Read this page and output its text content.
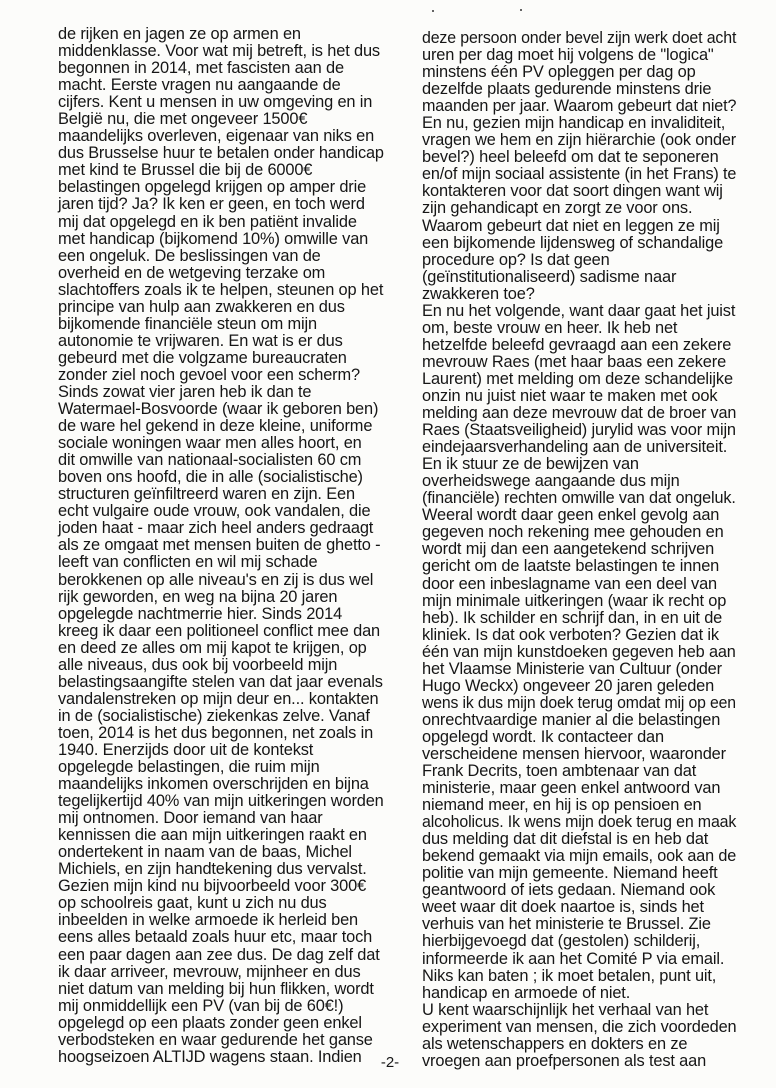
de rijken en jagen ze op armen en
middenklasse. Voor wat mij betreft, is het dus
begonnen in 2014, met fascisten aan de
macht. Eerste vragen nu aangaande de
cijfers. Kent u mensen in uw omgeving en in
België nu, die met ongeveer 1500€
maandelijks overleven, eigenaar van niks en
dus Brusselse huur te betalen onder handicap
met kind te Brussel die bij de 6000€
belastingen opgelegd krijgen op amper drie
jaren tijd? Ja? Ik ken er geen, en toch werd
mij dat opgelegd en ik ben patiënt invalide
met handicap (bijkomend 10%) omwille van
een ongeluk. De beslissingen van de
overheid en de wetgeving terzake om
slachtoffers zoals ik te helpen, steunen op het
principe van hulp aan zwakkeren en dus
bijkomende financiële steun om mijn
autonomie te vrijwaren. En wat is er dus
gebeurd met die volgzame bureaucraten
zonder ziel noch gevoel voor een scherm?
Sinds zowat vier jaren heb ik dan te
Watermael-Bosvoorde (waar ik geboren ben)
de ware hel gekend in deze kleine, uniforme
sociale woningen waar men alles hoort, en
dit omwille van nationaal-socialisten 60 cm
boven ons hoofd, die in alle (socialistische)
structuren geïnfiltreerd waren en zijn. Een
echt vulgaire oude vrouw, ook vandalen, die
joden haat - maar zich heel anders gedraagt
als ze omgaat met mensen buiten de ghetto -
leeft van conflicten en wil mij schade
berokkenen op alle niveau's en zij is dus wel
rijk geworden, en weg na bijna 20 jaren
opgelegde nachtmerrie hier. Sinds 2014
kreeg ik daar een politioneel conflict mee dan
en deed ze alles om mij kapot te krijgen, op
alle niveaus, dus ook bij voorbeeld mijn
belastingsaangifte stelen van dat jaar evenals
vandalenstreken op mijn deur en... kontakten
in de (socialistische) ziekenkas zelve. Vanaf
toen, 2014 is het dus begonnen, net zoals in
1940. Enerzijds door uit de kontekst
opgelegde belastingen, die ruim mijn
maandelijks inkomen overschrijden en bijna
tegelijkertijd 40% van mijn uitkeringen worden
mij ontnomen. Door iemand van haar
kennissen die aan mijn uitkeringen raakt en
ondertekent in naam van de baas, Michel
Michiels, en zijn handtekening dus vervalst.
Gezien mijn kind nu bijvoorbeeld voor 300€
op schoolreis gaat, kunt u zich nu dus
inbeelden in welke armoede ik herleid ben
eens alles betaald zoals huur etc, maar toch
een paar dagen aan zee dus. De dag zelf dat
ik daar arriveer, mevrouw, mijnheer en dus
niet datum van melding bij hun flikken, wordt
mij onmiddellijk een PV (van bij de 60€!)
opgelegd op een plaats zonder geen enkel
verbodsteken en waar gedurende het ganse
hoogseizoen ALTIJD wagens staan. Indien
deze persoon onder bevel zijn werk doet acht
uren per dag moet hij volgens de "logica"
minstens één PV opleggen per dag op
dezelfde plaats gedurende minstens drie
maanden per jaar. Waarom gebeurt dat niet?
En nu, gezien mijn handicap en invaliditeit,
vragen we hem en zijn hiërarchie (ook onder
bevel?) heel beleefd om dat te seponeren
en/of mijn sociaal assistente (in het Frans) te
kontakteren voor dat soort dingen want wij
zijn gehandicapt en zorgt ze voor ons.
Waarom gebeurt dat niet en leggen ze mij
een bijkomende lijdensweg of schandalige
procedure op? Is dat geen
(geïnstitutionaliseerd) sadisme naar
zwakkeren toe?
En nu het volgende, want daar gaat het juist
om, beste vrouw en heer. Ik heb net
hetzelfde beleefd gevraagd aan een zekere
mevrouw Raes (met haar baas een zekere
Laurent) met melding om deze schandelijke
onzin nu juist niet waar te maken met ook
melding aan deze mevrouw dat de broer van
Raes (Staatsveiligheid) jurylid was voor mijn
eindejaarsverhandeling aan de universiteit.
En ik stuur ze de bewijzen van
overheidswege aangaande dus mijn
(financiële) rechten omwille van dat ongeluk.
Weeral wordt daar geen enkel gevolg aan
gegeven noch rekening mee gehouden en
wordt mij dan een aangetekend schrijven
gericht om de laatste belastingen te innen
door een inbeslagname van een deel van
mijn minimale uitkeringen (waar ik recht op
heb). Ik schilder en schrijf dan, in en uit de
kliniek. Is dat ook verboten? Gezien dat ik
één van mijn kunstdoeken gegeven heb aan
het Vlaamse Ministerie van Cultuur (onder
Hugo Weckx) ongeveer 20 jaren geleden
wens ik dus mijn doek terug omdat mij op een
onrechtvaardige manier al die belastingen
opgelegd wordt. Ik contacteer dan
verscheidene mensen hiervoor, waaronder
Frank Decrits, toen ambtenaar van dat
ministerie, maar geen enkel antwoord van
niemand meer, en hij is op pensioen en
alcoholicus. Ik wens mijn doek terug en maak
dus melding dat dit diefstal is en heb dat
bekend gemaakt via mijn emails, ook aan de
politie van mijn gemeente. Niemand heeft
geantwoord of iets gedaan. Niemand ook
weet waar dit doek naartoe is, sinds het
verhuis van het ministerie te Brussel. Zie
hierbijgevoegd dat (gestolen) schilderij,
informeerde ik aan het Comité P via email.
Niks kan baten ; ik moet betalen, punt uit,
handicap en armoede of niet.
U kent waarschijnlijk het verhaal van het
experiment van mensen, die zich voordeden
als wetenschappers en dokters en ze
vroegen aan proefpersonen als test aan
-2-
